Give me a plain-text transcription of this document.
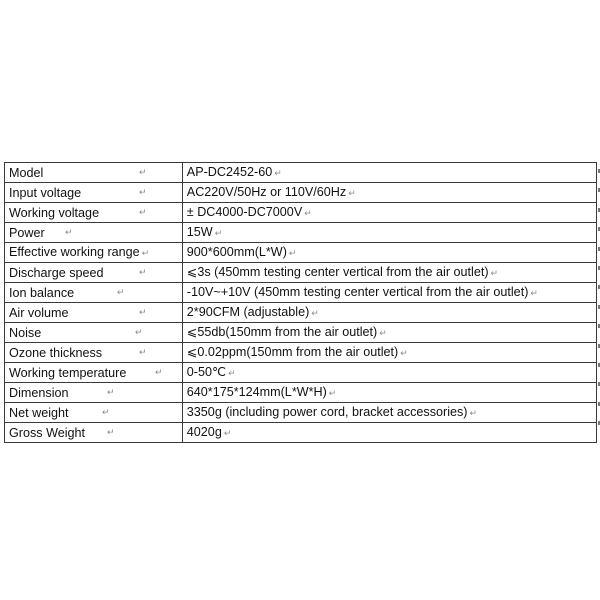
Model ↵	AP-DC2452-60 ↵
Input voltage ↵	AC220V/50Hz or 110V/60Hz ↵
Working voltage ↵	± DC4000-DC7000V ↵
Power ↵	15W ↵
Effective working range ↵	900*600mm(L*W) ↵
Discharge speed ↵	⩽3s (450mm testing center vertical from the air outlet) ↵
Ion balance ↵	-10V~+10V (450mm testing center vertical from the air outlet) ↵
Air volume ↵	2*90CFM (adjustable) ↵
Noise ↵	⩽55db(150mm from the air outlet) ↵
Ozone thickness ↵	⩽0.02ppm(150mm from the air outlet) ↵
Working temperature ↵	0-50℃ ↵
Dimension ↵	640*175*124mm(L*W*H) ↵
Net weight ↵	3350g (including power cord, bracket accessories) ↵
Gross Weight ↵	4020g ↵
